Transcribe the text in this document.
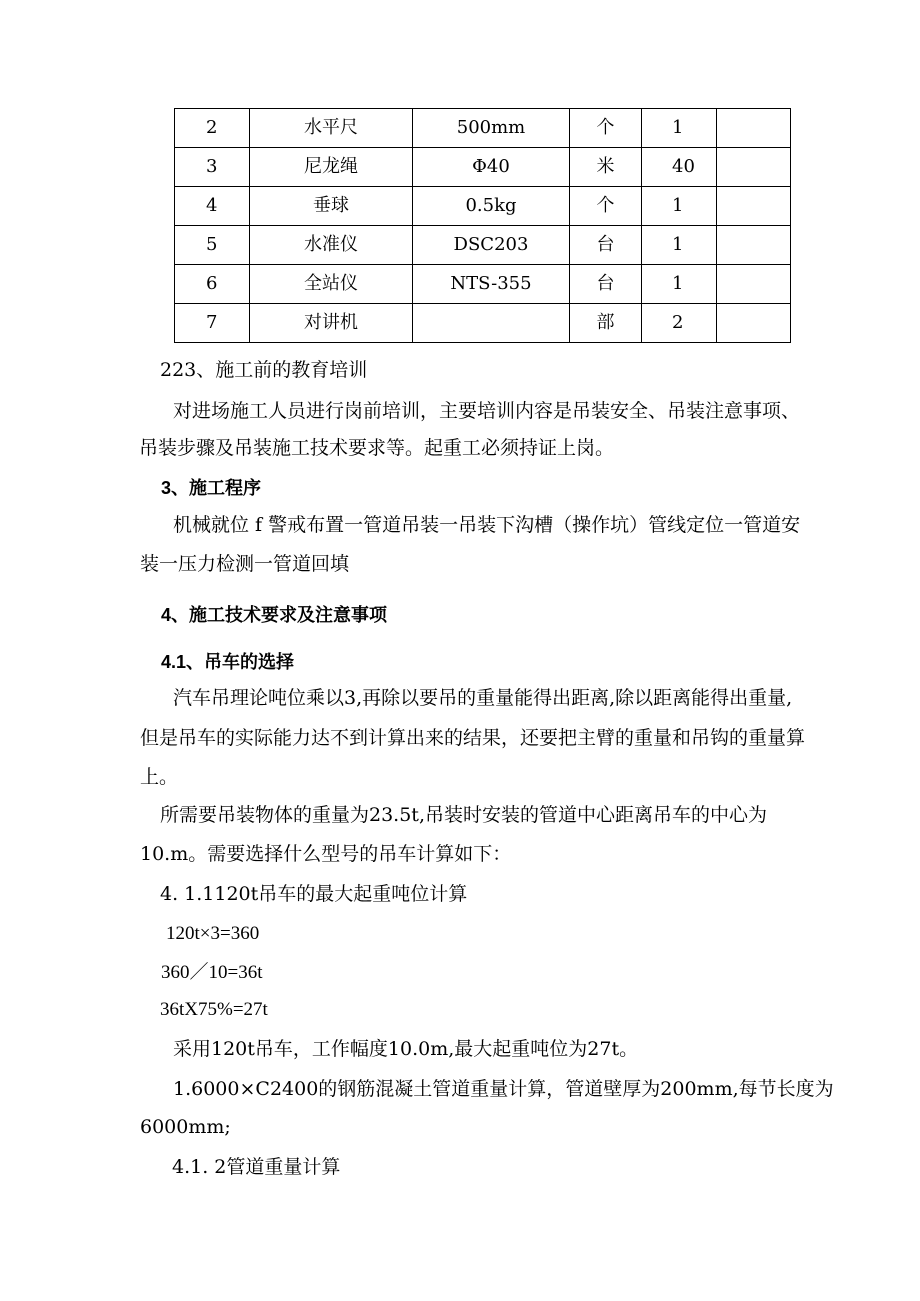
2	水平尺	500mm	个	1	
3	尼龙绳	Φ40	米	40	
4	垂球	0.5kg	个	1	
5	水准仪	DSC203	台	1	
6	全站仪	NTS-355	台	1	
7	对讲机		部	2	
223、施工前的教育培训
对进场施工人员进行岗前培训，主要培训内容是吊装安全、吊装注意事项、
吊装步骤及吊装施工技术要求等。起重工必须持证上岗。
3、施工程序
机械就位 f 警戒布置一管道吊装一吊装下沟槽（操作坑）管线定位一管道安
装一压力检测一管道回填
4、施工技术要求及注意事项
4.1、吊车的选择
汽车吊理论吨位乘以3,再除以要吊的重量能得出距离,除以距离能得出重量,
但是吊车的实际能力达不到计算出来的结果，还要把主臂的重量和吊钩的重量算
上。
所需要吊装物体的重量为23.5t,吊装时安装的管道中心距离吊车的中心为
10.m。需要选择什么型号的吊车计算如下：
4. 1.1120t吊车的最大起重吨位计算
120t×3=360
360／10=36t
36tX75%=27t
采用120t吊车，工作幅度10.0m,最大起重吨位为27t。
1.6000×C2400的钢筋混凝土管道重量计算，管道壁厚为200mm,每节长度为
6000mm;
4.1. 2管道重量计算
